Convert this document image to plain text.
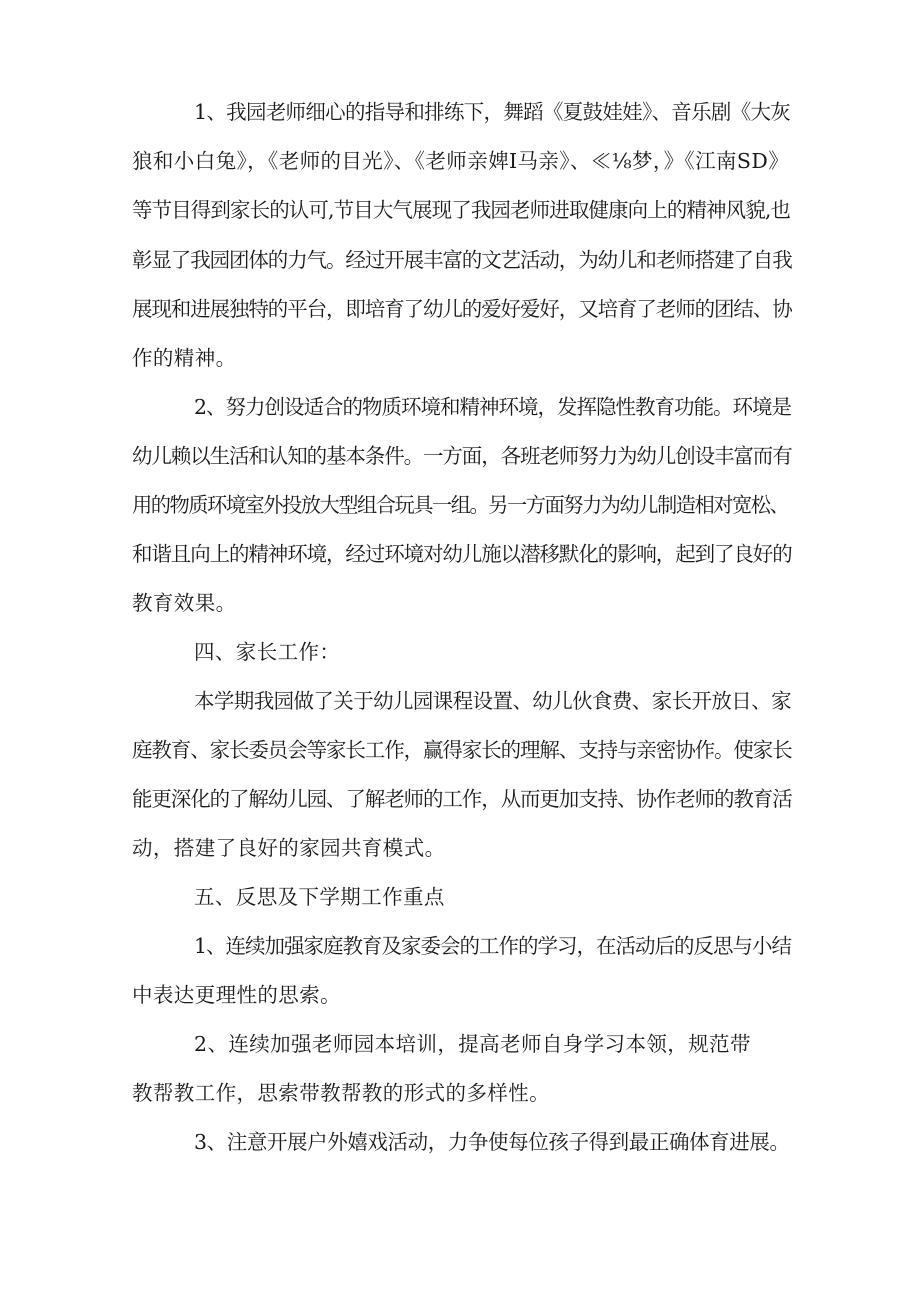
1、我园老师细心的指导和排练下，舞蹈《夏鼓娃娃》、音乐剧《大灰
狼和小白兔》，《老师的目光》、《老师亲婢I马亲》、≪⅛梦，》《江南SD》
等节目得到家长的认可,节目大气展现了我园老师进取健康向上的精神风貌,也
彰显了我园团体的力气。经过开展丰富的文艺活动，为幼儿和老师搭建了自我
展现和进展独特的平台，即培育了幼儿的爱好爱好，又培育了老师的团结、协
作的精神。
2、努力创设适合的物质环境和精神环境，发挥隐性教育功能。环境是
幼儿赖以生活和认知的基本条件。一方面，各班老师努力为幼儿创设丰富而有
用的物质环境室外投放大型组合玩具一组。另一方面努力为幼儿制造相对宽松、
和谐且向上的精神环境，经过环境对幼儿施以潜移默化的影响，起到了良好的
教育效果。
四、家长工作：
本学期我园做了关于幼儿园课程设置、幼儿伙食费、家长开放日、家
庭教育、家长委员会等家长工作，赢得家长的理解、支持与亲密协作。使家长
能更深化的了解幼儿园、了解老师的工作，从而更加支持、协作老师的教育活
动，搭建了良好的家园共育模式。
五、反思及下学期工作重点
1、连续加强家庭教育及家委会的工作的学习，在活动后的反思与小结
中表达更理性的思索。
2、连续加强老师园本培训，提高老师自身学习本领，规范带
教帮教工作，思索带教帮教的形式的多样性。
3、注意开展户外嬉戏活动，力争使每位孩子得到最正确体育进展。
